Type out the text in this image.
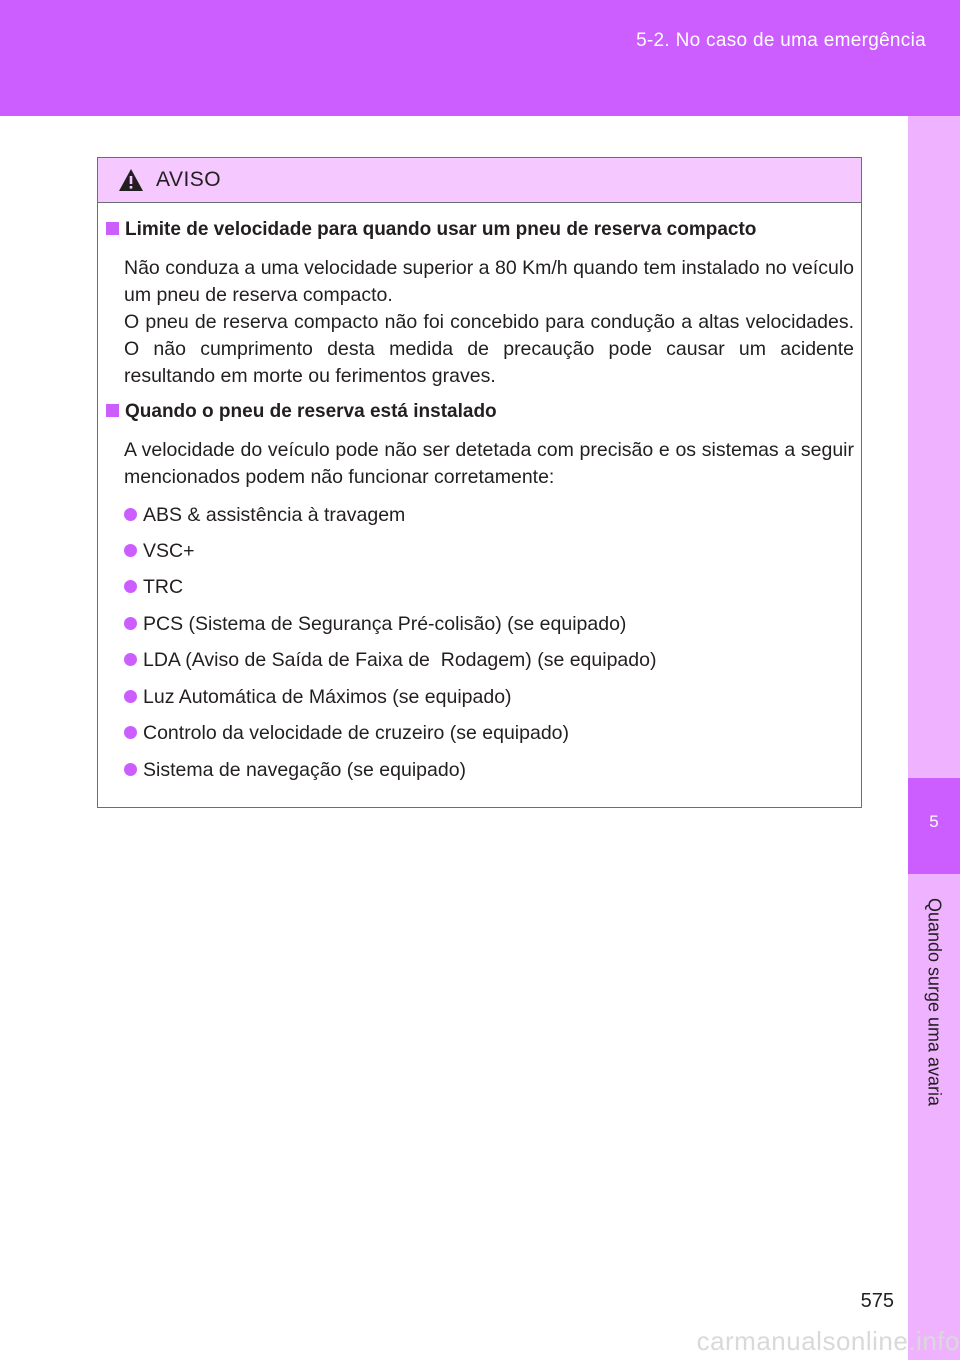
5-2. No caso de uma emergência
5
Quando surge uma avaria
AVISO
Limite de velocidade para quando usar um pneu de reserva compacto
Não conduza a uma velocidade superior a 80 Km/h quando tem instalado no veículo um pneu de reserva compacto.
O pneu de reserva compacto não foi concebido para condução a altas velocidades. O não cumprimento desta medida de precaução pode causar um acidente resultando em morte ou ferimentos graves.
Quando o pneu de reserva está instalado
A velocidade do veículo pode não ser detetada com precisão e os sistemas a seguir mencionados podem não funcionar corretamente:
ABS & assistência à travagem
VSC+
TRC
PCS (Sistema de Segurança Pré-colisão) (se equipado)
LDA (Aviso de Saída de Faixa de  Rodagem) (se equipado)
Luz Automática de Máximos (se equipado)
Controlo da velocidade de cruzeiro (se equipado)
Sistema de navegação (se equipado)
575
carmanualsonline.info
